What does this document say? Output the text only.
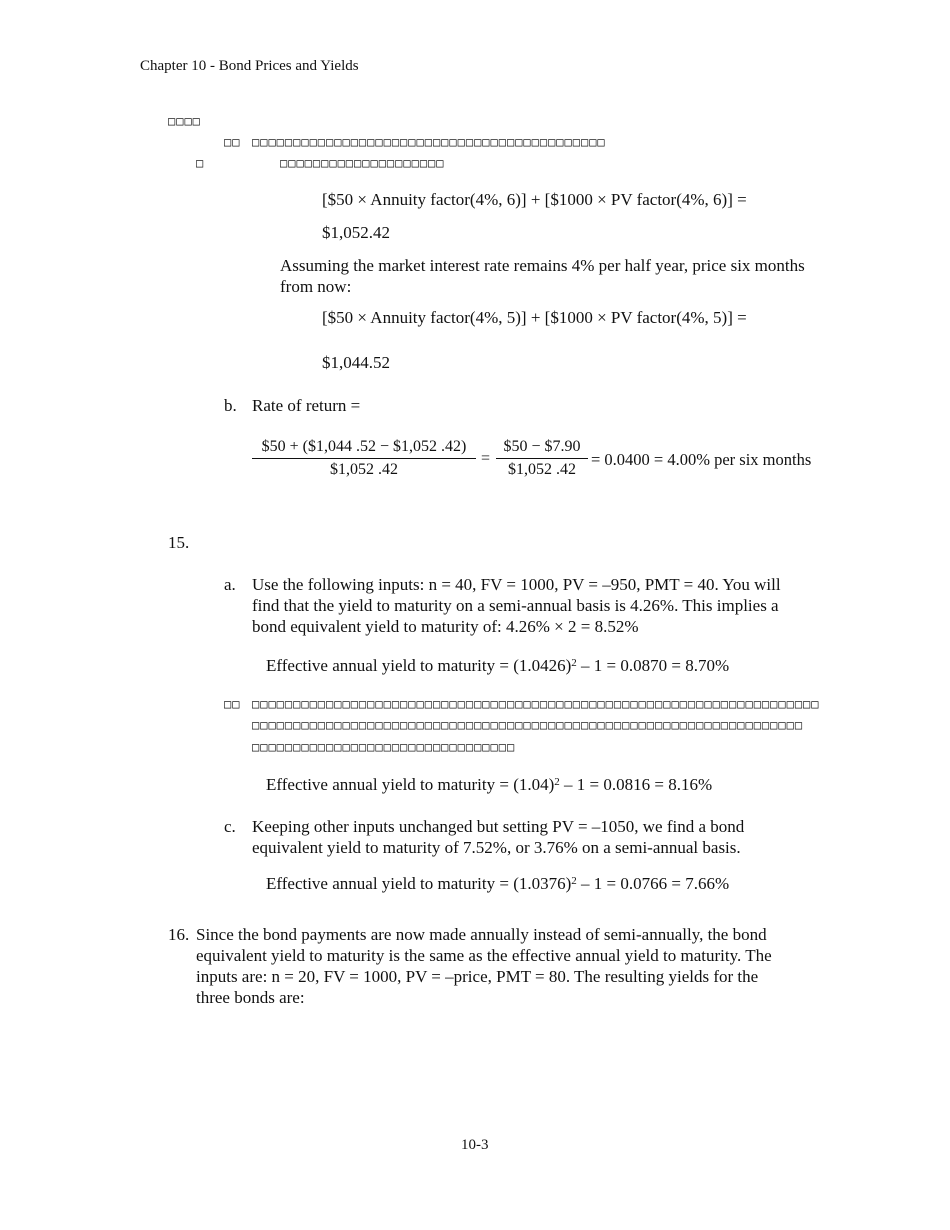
Chapter 10 - Bond Prices and Yields
□□□□
□□ □□□□□□□□□□□□□□□□□□□□□□□□□□□□□□□□□□□□□□□□□□□
□	□□□□□□□□□□□□□□□□□□□□
[$50 × Annuity factor(4%, 6)] + [$1000 × PV factor(4%, 6)] =
$1,052.42
Assuming the market interest rate remains 4% per half year, price six months from now:
[$50 × Annuity factor(4%, 5)] + [$1000 × PV factor(4%, 5)] =
$1,044.52
b. Rate of return =
$\frac{\$50 + (\$1,044 .52 - \$1,052 .42)}{\$1,052 .42} = \frac{\$50 - \$7.90}{\$1,052 .42} = 0.0400 = 4.00\%$ per six months
15.
a. Use the following inputs: n = 40, FV = 1000, PV = –950, PMT = 40. You will find that the yield to maturity on a semi-annual basis is 4.26%. This implies a bond equivalent yield to maturity of: 4.26% × 2 = 8.52%
Effective annual yield to maturity = $(1.0426)^2 - 1 = 0.0870 = 8.70\%$
□□ □□□□□□□□□□□□□□□□□□□□□□□□□□□□□□□□□□□□□□□□□□□□□□□□□□□□□□□□□□□□□□□□□□□□□
□□□□□□□□□□□□□□□□□□□□□□□□□□□□□□□□□□□□□□□□□□□□□□□□□□□□□□□□□□□□□□□□□□□
□□□□□□□□□□□□□□□□□□□□□□□□□□□□□□□□
Effective annual yield to maturity = $(1.04)^2 - 1 = 0.0816 = 8.16\%$
c. Keeping other inputs unchanged but setting PV = –1050, we find a bond equivalent yield to maturity of 7.52%, or 3.76% on a semi-annual basis.
Effective annual yield to maturity = $(1.0376)^2 - 1 = 0.0766 = 7.66\%$
16. Since the bond payments are now made annually instead of semi-annually, the bond equivalent yield to maturity is the same as the effective annual yield to maturity. The inputs are: n = 20, FV = 1000, PV = –price, PMT = 80. The resulting yields for the three bonds are:
10-3
